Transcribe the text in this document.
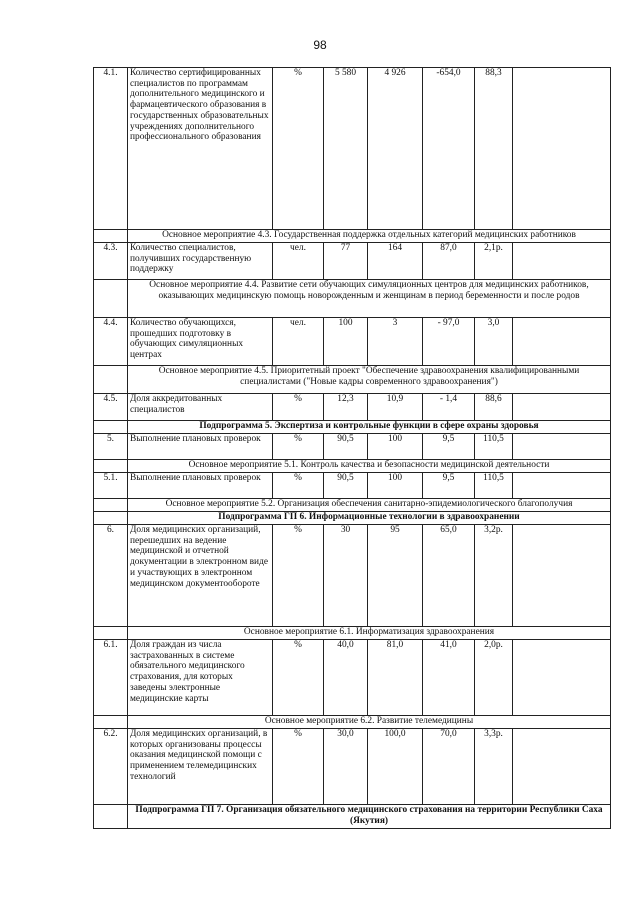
98
4.1.	Количество сертифицированных специалистов по программам дополнительного медицинского и фармацевтического образования в государственных образовательных учреждениях дополнительного профессионального образования	%	5 580	4 926	-654,0	88,3	
	Основное мероприятие 4.3. Государственная поддержка отдельных категорий медицинских работников						
4.3.	Количество специалистов, получивших государственную поддержку	чел.	77	164	87,0	2,1р.	
	Основное мероприятие 4.4. Развитие сети обучающих симуляционных центров для медицинских работников, оказывающих медицинскую помощь новорожденным и женщинам в период беременности и после родов						
4.4.	Количество обучающихся, прошедших подготовку в обучающих симуляционных центрах	чел.	100	3	- 97,0	3,0	
	Основное мероприятие 4.5. Приоритетный проект "Обеспечение здравоохранения квалифицированными специалистами ("Новые кадры современного здравоохранения")						
4.5.	Доля аккредитованных специалистов	%	12,3	10,9	- 1,4	88,6	
	Подпрограмма 5. Экспертиза и контрольные функции в сфере охраны здоровья						
5.	Выполнение плановых проверок	%	90,5	100	9,5	110,5	
	Основное мероприятие 5.1. Контроль качества и безопасности медицинской деятельности						
5.1.	Выполнение плановых проверок	%	90,5	100	9,5	110,5	
	Основное мероприятие 5.2. Организация обеспечения санитарно-эпидемиологического благополучия						
	Подпрограмма ГП 6. Информационные технологии в здравоохранении						
6.	Доля медицинских организаций, перешедших на ведение медицинской и отчетной документации в электронном виде и участвующих в электронном медицинском документообороте	%	30	95	65,0	3,2р.	
	Основное мероприятие 6.1. Информатизация здравоохранения						
6.1.	Доля граждан из числа застрахованных в системе обязательного медицинского страхования, для которых заведены электронные медицинские карты	%	40,0	81,0	41,0	2,0р.	
	Основное мероприятие 6.2. Развитие телемедицины						
6.2.	Доля медицинских организаций, в которых организованы процессы оказания медицинской помощи с применением телемедицинских технологий	%	30,0	100,0	70,0	3,3р.	
	Подпрограмма ГП 7. Организация обязательного медицинского страхования на территории Республики Саха (Якутия)						
